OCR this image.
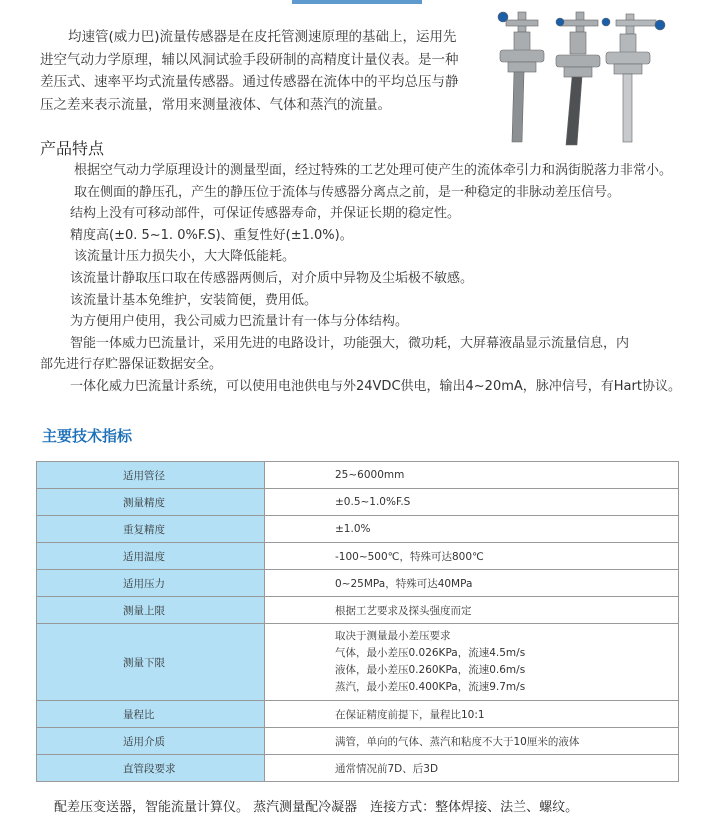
均速管(威力巴)流量传感器是在皮托管测速原理的基础上，运用先进空气动力学原理，辅以风洞试验手段研制的高精度计量仪表。是一种差压式、速率平均式流量传感器。通过传感器在流体中的平均总压与静压之差来表示流量，常用来测量液体、气体和蒸汽的流量。

产品特点
根据空气动力学原理设计的测量型面，经过特殊的工艺处理可使产生的流体牵引力和涡街脱落力非常小。
取在侧面的静压孔，产生的静压位于流体与传感器分离点之前，是一种稳定的非脉动差压信号。
结构上没有可移动部件，可保证传感器寿命，并保证长期的稳定性。
精度高(±0. 5~1. 0%F.S)、重复性好(±1.0%)。
该流量计压力损失小，大大降低能耗。
该流量计静取压口取在传感器两侧后，对介质中异物及尘垢极不敏感。
该流量计基本免维护，安装简便，费用低。
为方便用户使用，我公司威力巴流量计有一体与分体结构。
智能一体威力巴流量计，采用先进的电路设计，功能强大，微功耗，大屏幕液晶显示流量信息，内
部先进行存贮器保证数据安全。
一体化威力巴流量计系统，可以使用电池供电与外24VDC供电，输出4~20mA，脉冲信号，有Hart协议。
主要技术指标
适用管径	25~6000mm
测量精度	±0.5~1.0%F.S
重复精度	±1.0%
适用温度	-100~500℃，特殊可达800℃
适用压力	0~25MPa，特殊可达40MPa
测量上限	根据工艺要求及探头强度而定
测量下限	取决于测量最小差压要求
气体，最小差压0.026KPa，流速4.5m/s
液体，最小差压0.260KPa，流速0.6m/s
蒸汽，最小差压0.400KPa，流速9.7m/s

量程比	在保证精度前提下，量程比10:1
适用介质	满管，单向的气体、蒸汽和粘度不大于10厘米的液体
直管段要求	通常情况前7D、后3D
配差压变送器，智能流量计算仪。 蒸汽测量配冷凝器　连接方式：整体焊接、法兰、螺纹。
